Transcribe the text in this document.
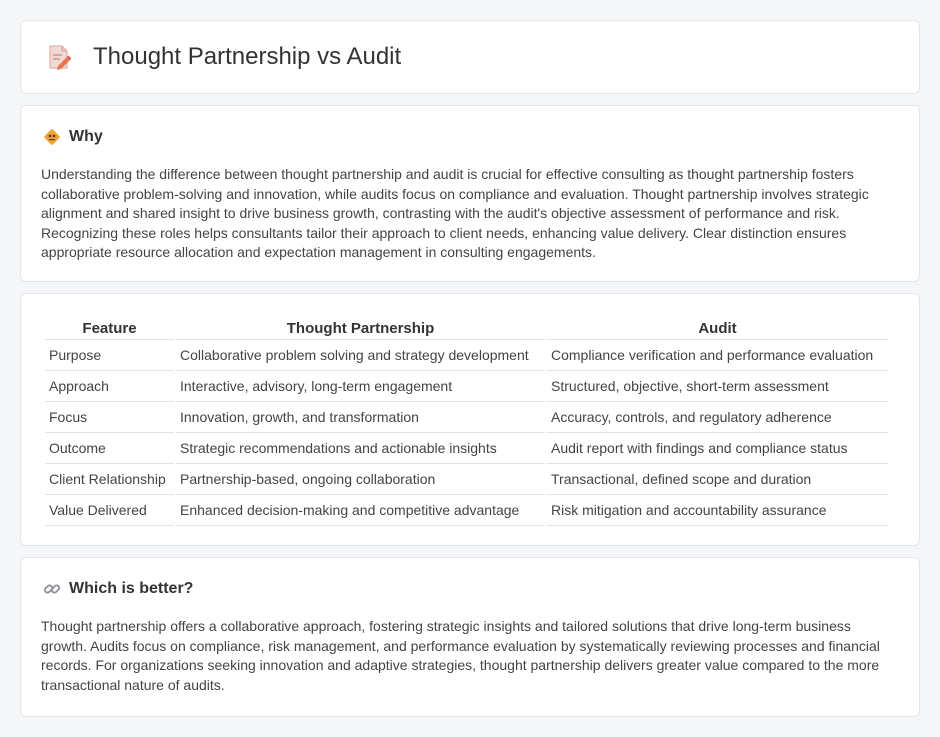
Thought Partnership vs Audit
Why

Understanding the difference between thought partnership and audit is crucial for effective consulting as thought partnership fosters collaborative problem-solving and innovation, while audits focus on compliance and evaluation. Thought partnership involves strategic alignment and shared insight to drive business growth, contrasting with the audit's objective assessment of performance and risk. Recognizing these roles helps consultants tailor their approach to client needs, enhancing value delivery. Clear distinction ensures appropriate resource allocation and expectation management in consulting engagements.

Feature	Thought Partnership	Audit
Purpose	Collaborative problem solving and strategy development	Compliance verification and performance evaluation
Approach	Interactive, advisory, long-term engagement	Structured, objective, short-term assessment
Focus	Innovation, growth, and transformation	Accuracy, controls, and regulatory adherence
Outcome	Strategic recommendations and actionable insights	Audit report with findings and compliance status
Client Relationship	Partnership-based, ongoing collaboration	Transactional, defined scope and duration
Value Delivered	Enhanced decision-making and competitive advantage	Risk mitigation and accountability assurance
Which is better?

Thought partnership offers a collaborative approach, fostering strategic insights and tailored solutions that drive long-term business growth. Audits focus on compliance, risk management, and performance evaluation by systematically reviewing processes and financial records. For organizations seeking innovation and adaptive strategies, thought partnership delivers greater value compared to the more transactional nature of audits.
